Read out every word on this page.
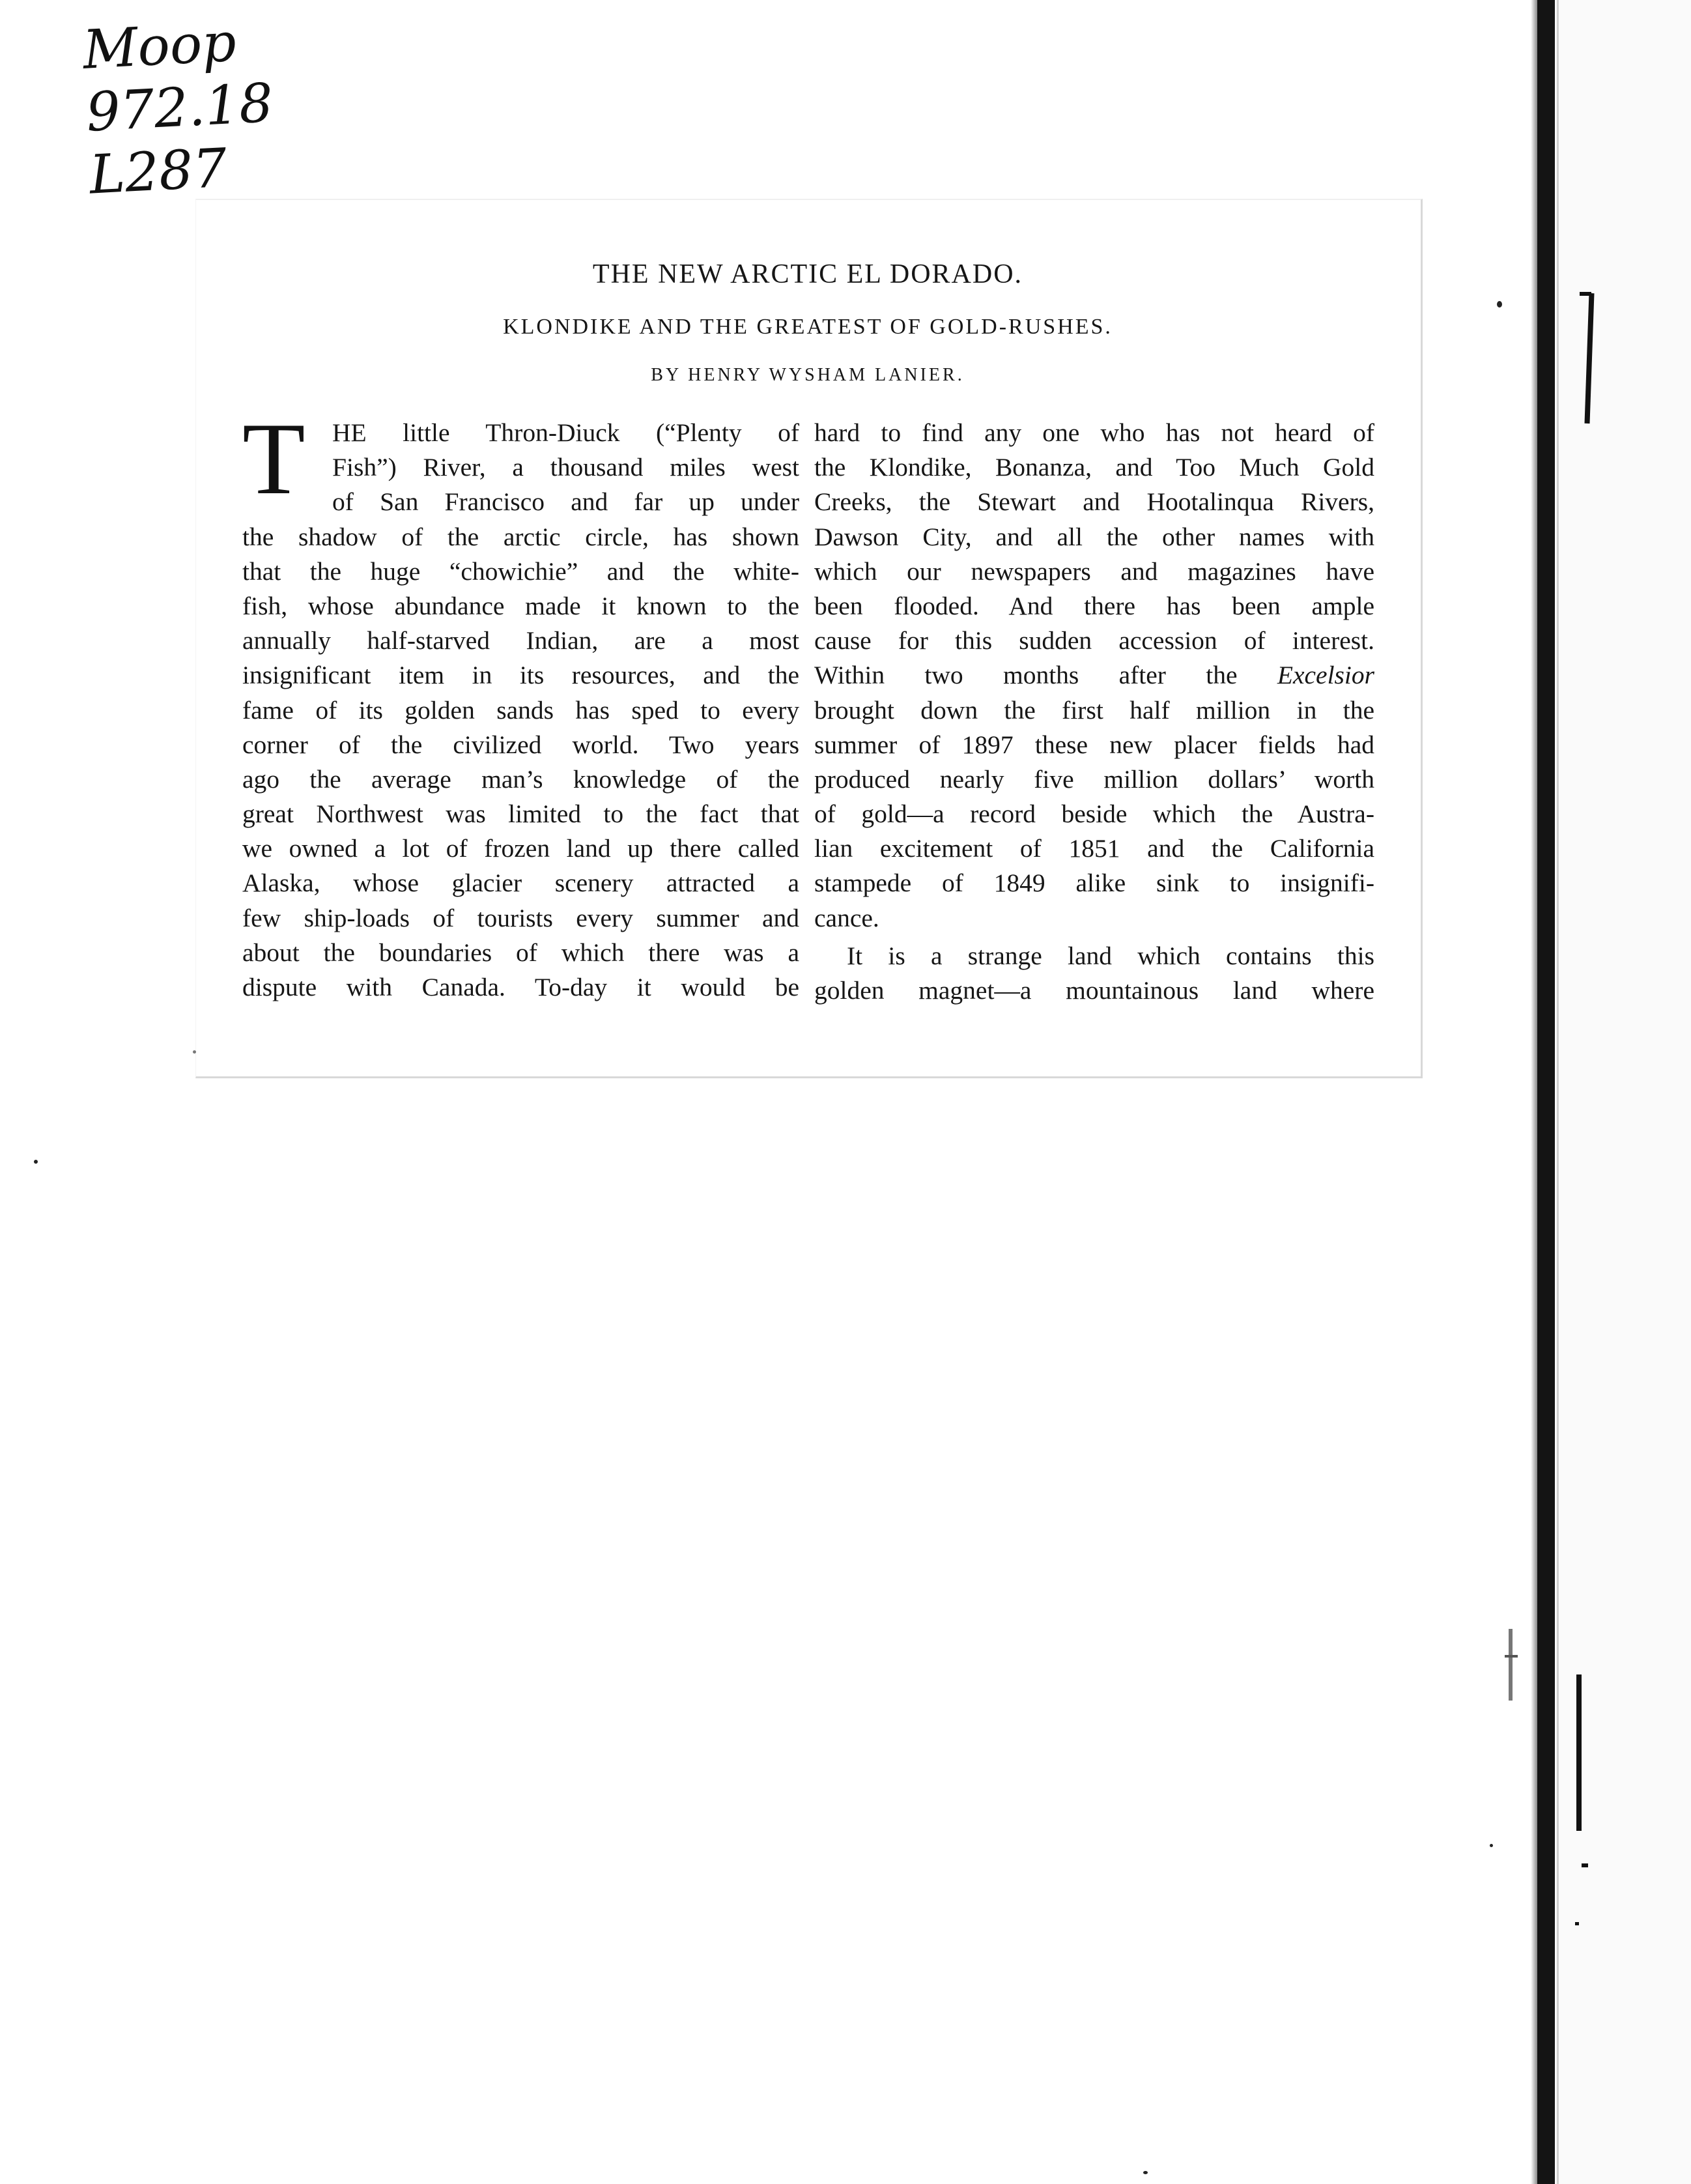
Moop
972.18
L287
THE NEW ARCTIC EL DORADO.
KLONDIKE AND THE GREATEST OF GOLD-RUSHES.
BY HENRY WYSHAM LANIER.
T	HE little Thron-Diuck (“Plenty of
Fish”) River, a thousand miles west
of San Francisco and far up under
the shadow of the arctic circle, has shown
that the huge “chowichie” and the white-
fish, whose abundance made it known to the
annually half-starved Indian, are a most
insignificant item in its resources, and the
fame of its golden sands has sped to every
corner of the civilized world. Two years
ago the average man’s knowledge of the
great Northwest was limited to the fact that
we owned a lot of frozen land up there called
Alaska, whose glacier scenery attracted a
few ship-loads of tourists every summer and
about the boundaries of which there was a
dispute with Canada. To-day it would be
hard to find any one who has not heard of
the Klondike, Bonanza, and Too Much Gold
Creeks, the Stewart and Hootalinqua Rivers,
Dawson City, and all the other names with
which our newspapers and magazines have
been flooded. And there has been ample
cause for this sudden accession of interest.
Within two months after the Excelsior
brought down the first half million in the
summer of 1897 these new placer fields had
produced nearly five million dollars’ worth
of gold—a record beside which the Austra-
lian excitement of 1851 and the California
stampede of 1849 alike sink to insignifi-
cance.
It is a strange land which contains this
golden magnet—a mountainous land where
